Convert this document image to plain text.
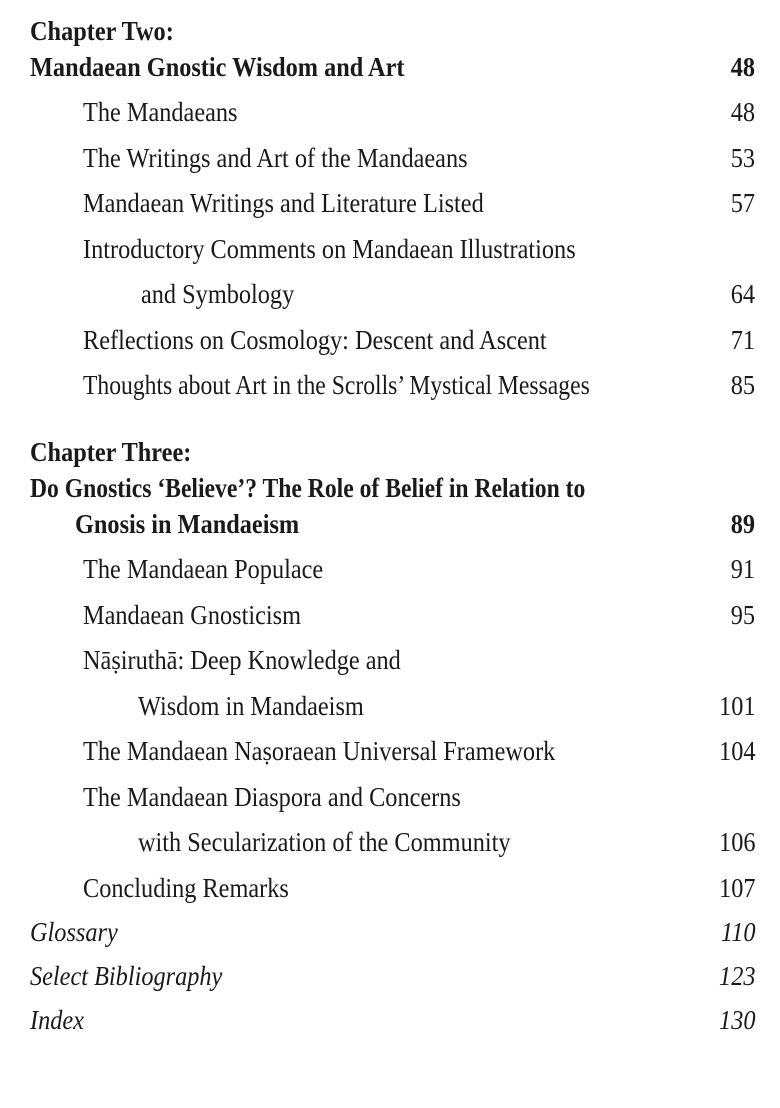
Chapter Two:
Mandaean Gnostic Wisdom and Art	48
The Mandaeans	48
The Writings and Art of the Mandaeans	53
Mandaean Writings and Literature Listed	57
Introductory Comments on Mandaean Illustrations
and Symbology	64
Reflections on Cosmology: Descent and Ascent	71
Thoughts about Art in the Scrolls’ Mystical Messages	85
Chapter Three:
Do Gnostics ‘Believe’? The Role of Belief in Relation to
Gnosis in Mandaeism	89
The Mandaean Populace	91
Mandaean Gnosticism	95
Nāṣiruthā: Deep Knowledge and
Wisdom in Mandaeism	101
The Mandaean Naṣoraean Universal Framework	104
The Mandaean Diaspora and Concerns
with Secularization of the Community	106
Concluding Remarks	107
Glossary	110
Select Bibliography	123
Index	130
